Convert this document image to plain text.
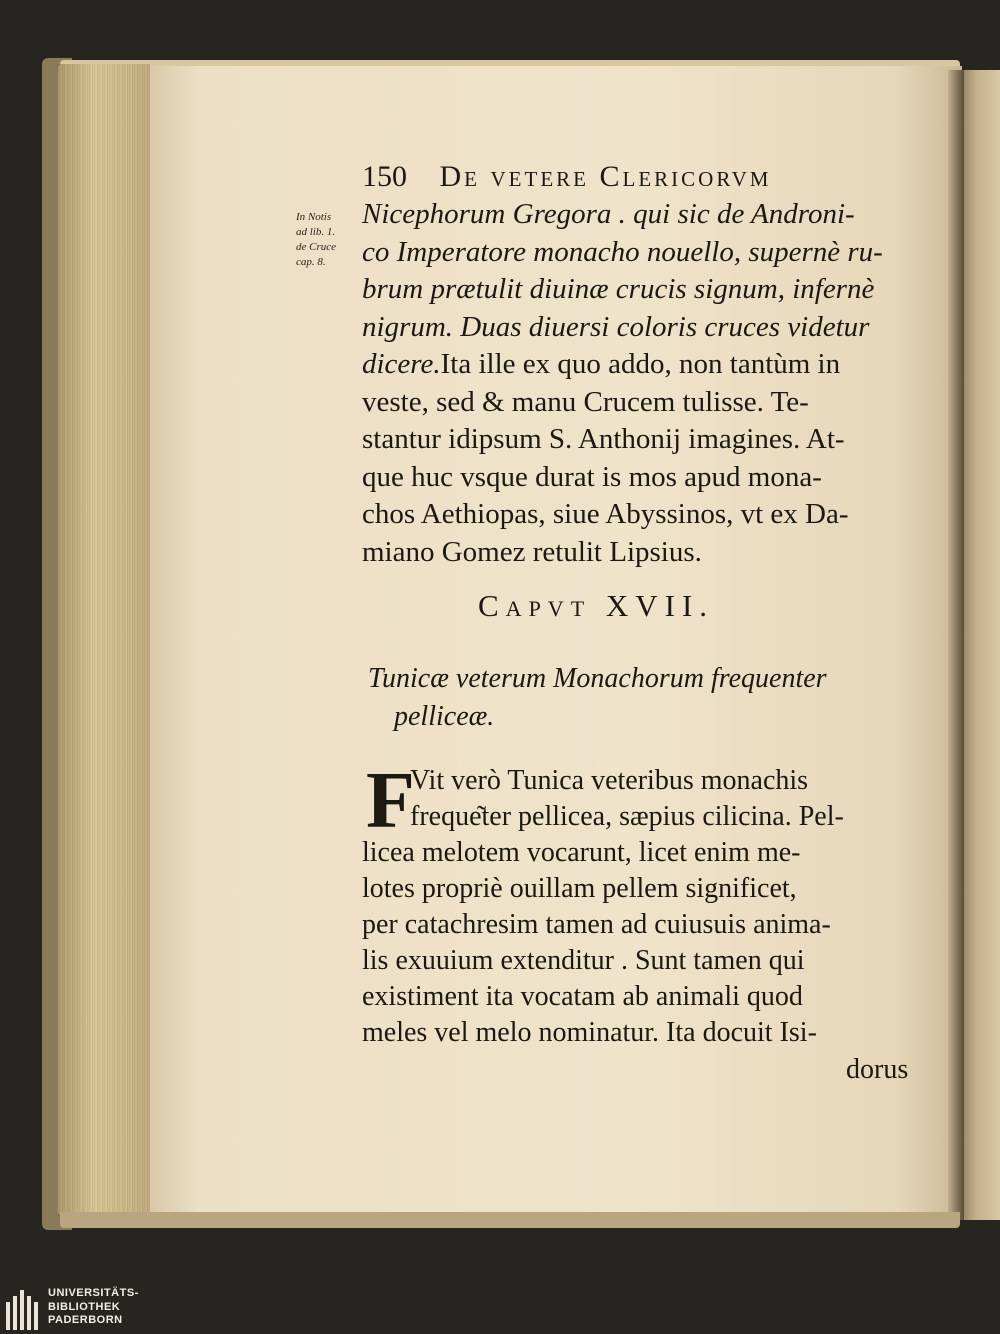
150 De vetere Clericorvm
In Notis
ad lib. 1.
de Cruce
cap. 8.
Nicephorum Gregora . qui sic de Androni-
co Imperatore monacho nouello, supernè ru-
brum prætulit diuinæ crucis signum, infernè
nigrum. Duas diuersi coloris cruces videtur
dicere.Ita ille ex quo addo, non tantùm in
veste, sed & manu Crucem tulisse. Te-
stantur idipsum S. Anthonij imagines. At-
que huc vsque durat is mos apud mona-
chos Aethiopas, siue Abyssinos, vt ex Da-
miano Gomez retulit Lipsius.
Capvt XVII.
Tunicæ veterum Monachorum frequenter
pelliceæ.
F
Vit verò Tunica veteribus monachis
freque͂ter pellicea, sæpius cilicina. Pel-
licea melotem vocarunt, licet enim me-
lotes propriè ouillam pellem significet,
per catachresim tamen ad cuiusuis anima-
lis exuuium extenditur . Sunt tamen qui
existiment ita vocatam ab animali quod
meles vel melo nominatur. Ita docuit Isi-
dorus
UNIVERSITÄTS-
BIBLIOTHEK
PADERBORN
